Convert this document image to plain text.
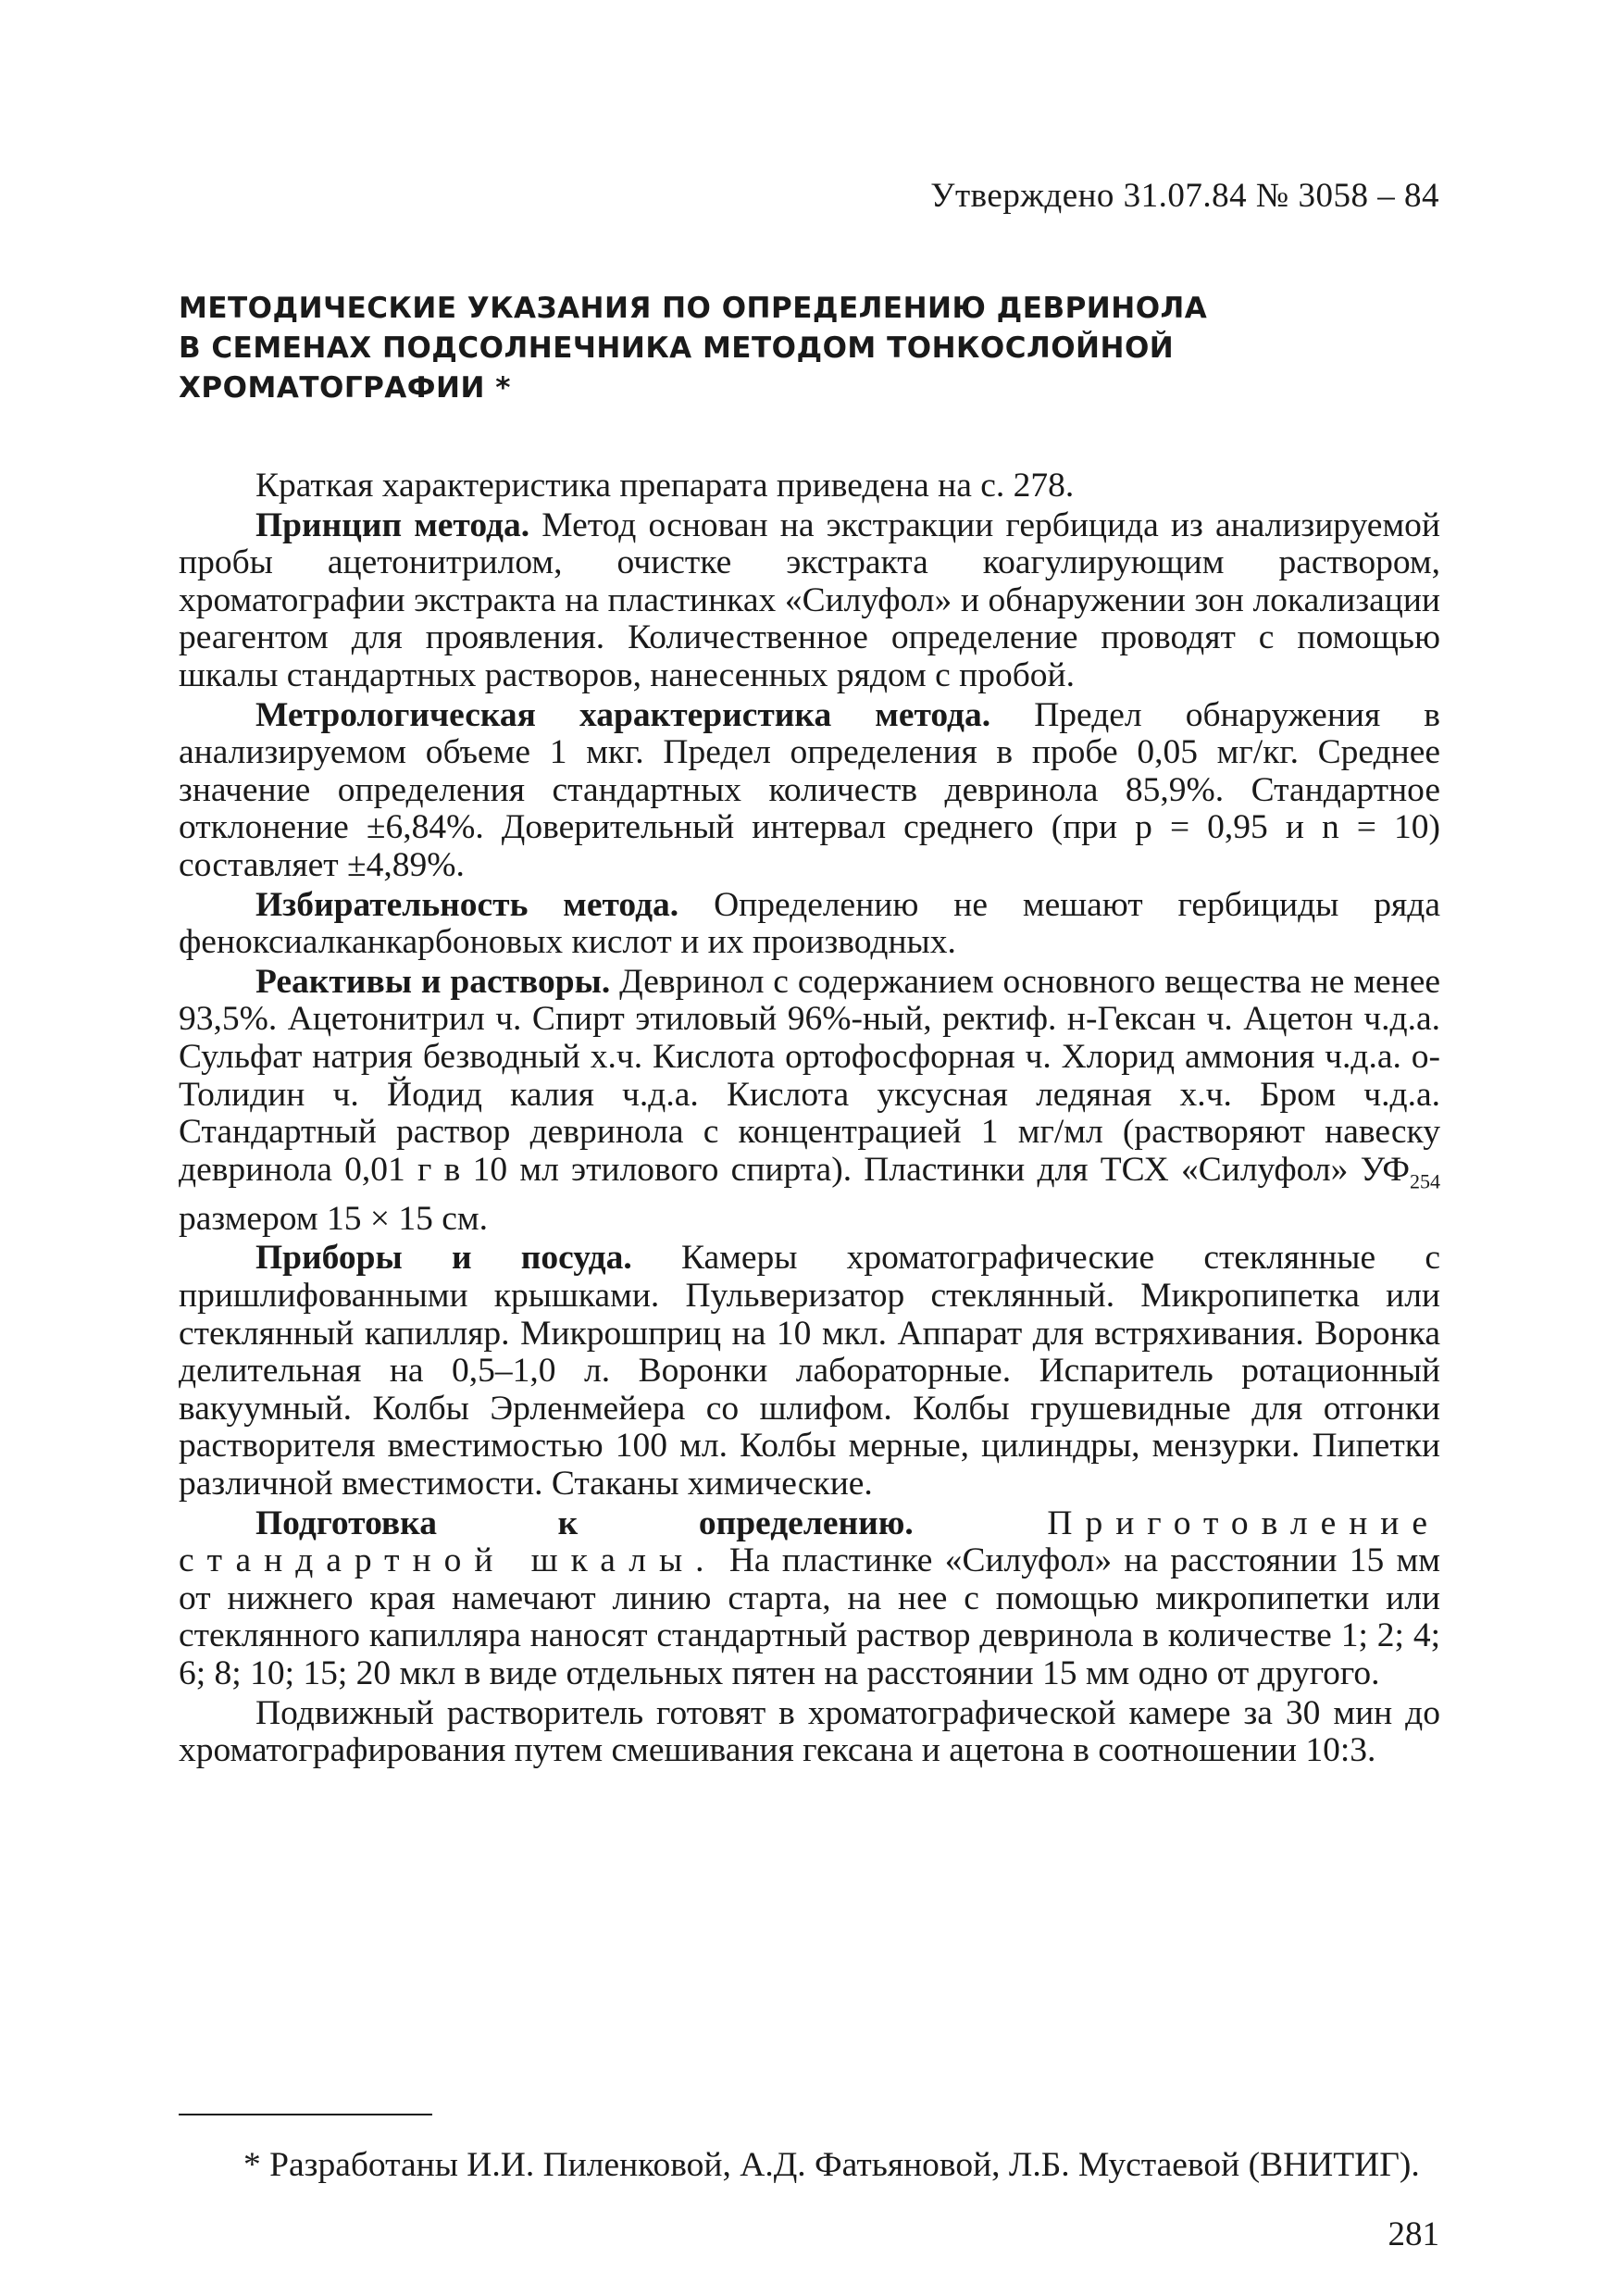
Утверждено 31.07.84 № 3058 – 84
МЕТОДИЧЕСКИЕ УКАЗАНИЯ ПО ОПРЕДЕЛЕНИЮ ДЕВРИНОЛА
В СЕМЕНАХ ПОДСОЛНЕЧНИКА МЕТОДОМ ТОНКОСЛОЙНОЙ
ХРОМАТОГРАФИИ *

Краткая характеристика препарата приведена на с. 278.

Принцип метода. Метод основан на экстракции гербицида из анализируемой пробы ацетонитрилом, очистке экстракта коагулирующим раствором, хроматографии экстракта на пластинках «Силуфол» и обнаружении зон локализации реагентом для проявления. Количественное определение проводят с помощью шкалы стандартных растворов, нанесенных рядом с пробой.

Метрологическая характеристика метода. Предел обнаружения в анализируемом объеме 1 мкг. Предел определения в пробе 0,05 мг/кг. Среднее значение определения стандартных количеств девринола 85,9%. Стандартное отклонение ±6,84%. Доверительный интервал среднего (при p = 0,95 и n = 10) составляет ±4,89%.

Избирательность метода. Определению не мешают гербициды ряда феноксиалканкарбоновых кислот и их производных.

Реактивы и растворы. Девринол с содержанием основного вещества не менее 93,5%. Ацетонитрил ч. Спирт этиловый 96%-ный, ректиф. н-Гексан ч. Ацетон ч.д.а. Сульфат натрия безводный х.ч. Кислота ортофосфорная ч. Хлорид аммония ч.д.а. о-Толидин ч. Йодид калия ч.д.а. Кислота уксусная ледяная х.ч. Бром ч.д.а. Стандартный раствор девринола с концентрацией 1 мг/мл (растворяют навеску девринола 0,01 г в 10 мл этилового спирта). Пластинки для ТСХ «Силуфол» $УФ_{254}$ размером 15 × 15 см.

Приборы и посуда. Камеры хроматографические стеклянные с пришлифованными крышками. Пульверизатор стеклянный. Микропипетка или стеклянный капилляр. Микрошприц на 10 мкл. Аппарат для встряхивания. Воронка делительная на 0,5–1,0 л. Воронки лабораторные. Испаритель ротационный вакуумный. Колбы Эрленмейера со шлифом. Колбы грушевидные для отгонки растворителя вместимостью 100 мл. Колбы мерные, цилиндры, мензурки. Пипетки различной вместимости. Стаканы химические.

Подготовка к определению. Приготовление стандартной шкалы. На пластинке «Силуфол» на расстоянии 15 мм от нижнего края намечают линию старта, на нее с помощью микропипетки или стеклянного капилляра наносят стандартный раствор девринола в количестве 1; 2; 4; 6; 8; 10; 15; 20 мкл в виде отдельных пятен на расстоянии 15 мм одно от другого.

Подвижный растворитель готовят в хроматографической камере за 30 мин до хроматографирования путем смешивания гексана и ацетона в соотношении 10:3.

* Разработаны И.И. Пиленковой, А.Д. Фатьяновой, Л.Б. Мустаевой (ВНИТИГ).

281
